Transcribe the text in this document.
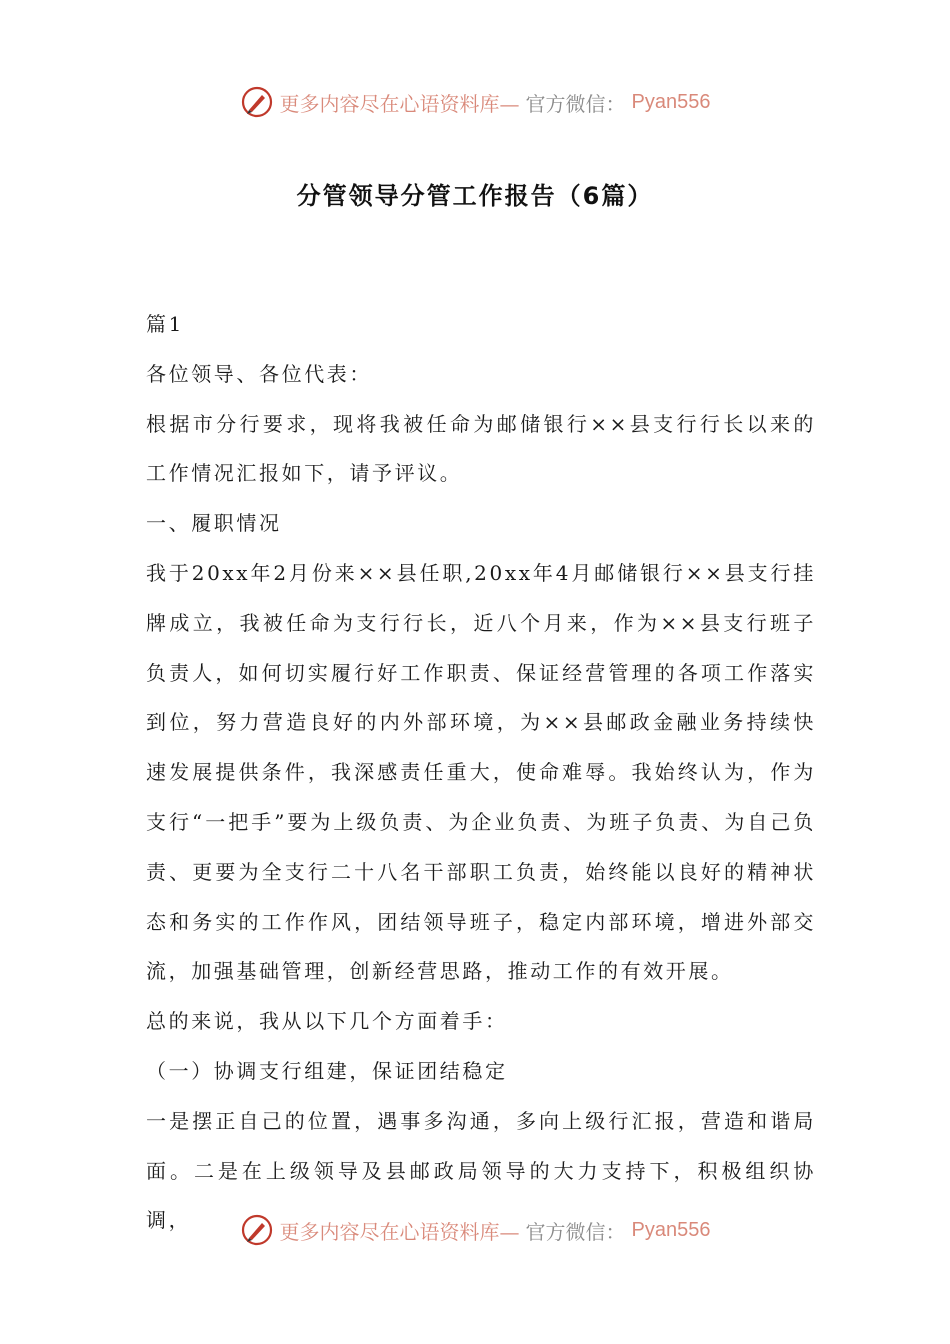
更多内容尽在心语资料库— 官方微信： Pyan556
分管领导分管工作报告（6篇）

篇1

各位领导、各位代表：

根据市分行要求，现将我被任命为邮储银行××县支行行长以来的工作情况汇报如下，请予评议。

一、履职情况

我于20xx年2月份来××县任职,20xx年4月邮储银行××县支行挂牌成立，我被任命为支行行长，近八个月来，作为××县支行班子负责人，如何切实履行好工作职责、保证经营管理的各项工作落实到位，努力营造良好的内外部环境，为××县邮政金融业务持续快速发展提供条件，我深感责任重大，使命难辱。我始终认为，作为支行“一把手”要为上级负责、为企业负责、为班子负责、为自己负责、更要为全支行二十八名干部职工负责，始终能以良好的精神状态和务实的工作作风，团结领导班子，稳定内部环境，增进外部交流，加强基础管理，创新经营思路，推动工作的有效开展。

总的来说，我从以下几个方面着手：

（一）协调支行组建，保证团结稳定

一是摆正自己的位置，遇事多沟通，多向上级行汇报，营造和谐局面。二是在上级领导及县邮政局领导的大力支持下，积极组织协调，	更多内容尽在心语资料库— 官方微信： Pyan556
